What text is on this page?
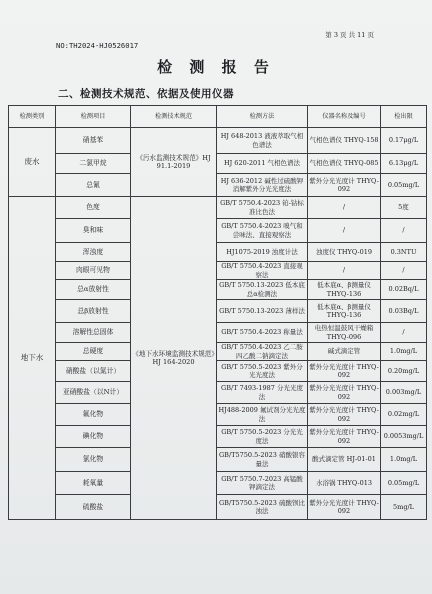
第 3 页 共 11 页
NO:TH2024-HJ0526017
检 测 报 告
二、检测技术规范、依据及使用仪器
检测类别	检测项目	检测技术规范	检测方法	仪器名称及编号	检出限
废水	硝基苯	《污水监测技术规范》HJ 91.1-2019	HJ 648-2013 液液萃取气相色谱法	气相色谱仪 THYQ-158	0.17μg/L
	二氯甲烷		HJ 620-2011 气相色谱法	气相色谱仪 THYQ-085	6.13μg/L
	总氰		HJ 636-2012 碱性过硫酸钾消解紫外分光光度法	紫外分光光度计 THYQ-092	0.05mg/L
地下水	色度	《地下水环境监测技术规范》HJ 164-2020	GB/T 5750.4-2023 铂-钴标准比色法	/	5度
	臭和味		GB/T 5750.4-2023 嗅气和尝味法、直接观察法	/	/
	浑浊度		HJ1075-2019 浊度计法	浊度仪 THYQ-019	0.3NTU
	肉眼可见物		GB/T 5750.4-2023 直接观察法	/	/
	总α放射性		GB/T 5750.13-2023 低本底总α检测法	低本底α、β测量仪 THYQ-136	0.02Bq/L
	总β放射性		GB/T 5750.13-2023 薄样法	低本底α、β测量仪 THYQ-136	0.03Bq/L
	溶解性总固体		GB/T 5750.4-2023 称量法	电热恒温鼓风干燥箱 THYQ-096	/
	总硬度		GB/T 5750.4-2023 乙二胺四乙酸二钠滴定法	碱式滴定管	1.0mg/L
	硝酸盐（以氮计）		GB/T 5750.5-2023 紫外分光光度法	紫外分光光度计 THYQ-092	0.20mg/L
	亚硝酸盐（以N计）		GB/T 7493-1987 分光光度法	紫外分光光度计 THYQ-092	0.003mg/L
	氟化物		HJ488-2009 氟试剂分光光度法	紫外分光光度计 THYQ-092	0.02mg/L
	碘化物		GB/T 5750.5-2023 分光光度法	紫外分光光度计 THYQ-092	0.0053mg/L
	氯化物		GB/T5750.5-2023 硝酸银容量法	酸式滴定管 HJ-01-01	1.0mg/L
	耗氧量		GB/T 5750.7-2023 高锰酸钾滴定法	水浴锅 THYQ-013	0.05mg/L
	硫酸盐		GB/T5750.5-2023 硫酸钡比浊法	紫外分光光度计 THYQ-092	5mg/L
